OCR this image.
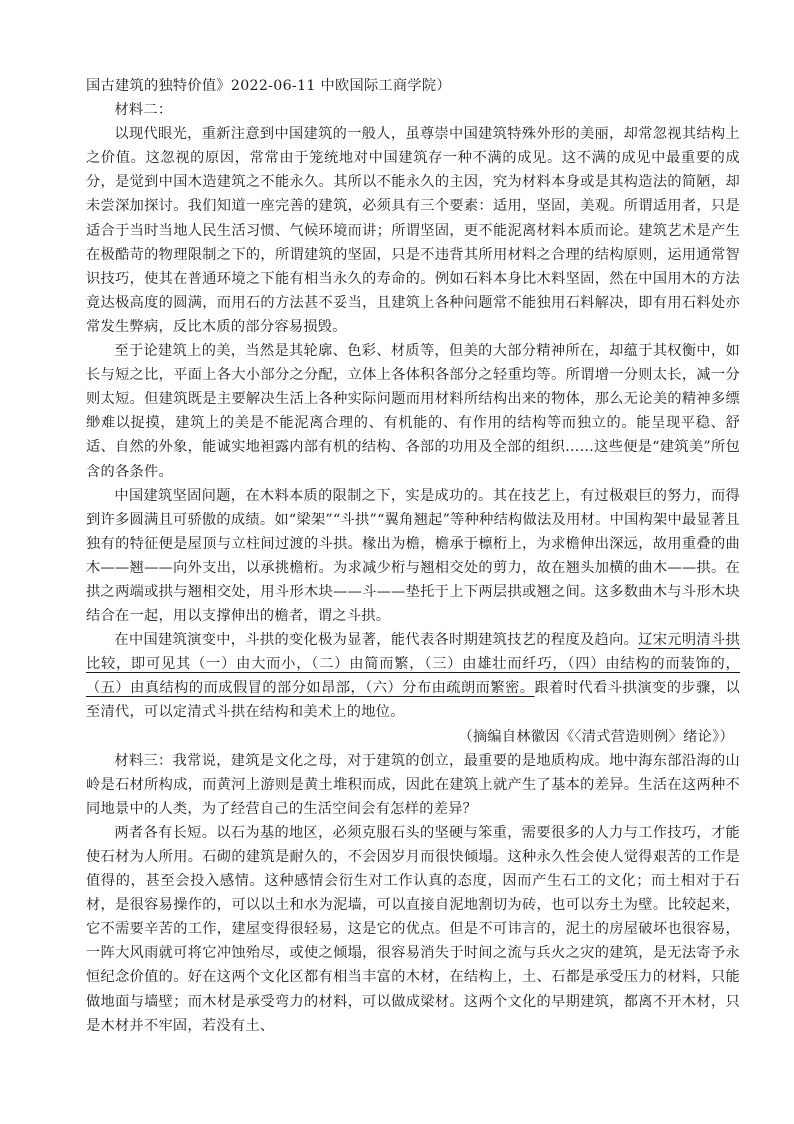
国古建筑的独特价值》2022-06-11 中欧国际工商学院）

材料二：

以现代眼光，重新注意到中国建筑的一般人，虽尊崇中国建筑特殊外形的美丽，却常忽视其结构上之价值。这忽视的原因，常常由于笼统地对中国建筑存一种不满的成见。这不满的成见中最重要的成分，是觉到中国木造建筑之不能永久。其所以不能永久的主因，究为材料本身或是其构造法的简陋，却未尝深加探讨。我们知道一座完善的建筑，必须具有三个要素：适用，坚固，美观。所谓适用者，只是适合于当时当地人民生活习惯、气候环境而讲；所谓坚固，更不能泥离材料本质而论。建筑艺术是产生在极酷苛的物理限制之下的，所谓建筑的坚固，只是不违背其所用材料之合理的结构原则，运用通常智识技巧，使其在普通环境之下能有相当永久的寿命的。例如石料本身比木料坚固，然在中国用木的方法竟达极高度的圆满，而用石的方法甚不妥当，且建筑上各种问题常不能独用石料解决，即有用石料处亦常发生弊病，反比木质的部分容易损毁。

至于论建筑上的美，当然是其轮廓、色彩、材质等，但美的大部分精神所在，却蕴于其权衡中，如长与短之比，平面上各大小部分之分配，立体上各体积各部分之轻重均等。所谓增一分则太长，减一分则太短。但建筑既是主要解决生活上各种实际问题而用材料所结构出来的物体，那么无论美的精神多缥缈难以捉摸，建筑上的美是不能泥离合理的、有机能的、有作用的结构等而独立的。能呈现平稳、舒适、自然的外象，能诚实地袒露内部有机的结构、各部的功用及全部的组织……这些便是“建筑美”所包含的各条件。

中国建筑坚固问题，在木料本质的限制之下，实是成功的。其在技艺上，有过极艰巨的努力，而得到许多圆满且可骄傲的成绩。如“梁架”“斗拱”“翼角翘起”等种种结构做法及用材。中国构架中最显著且独有的特征便是屋顶与立柱间过渡的斗拱。椽出为檐，檐承于檩桁上，为求檐伸出深远，故用重叠的曲木——翘——向外支出，以承挑檐桁。为求减少桁与翘相交处的剪力，故在翘头加横的曲木——拱。在拱之两端或拱与翘相交处，用斗形木块——斗——垫托于上下两层拱或翘之间。这多数曲木与斗形木块结合在一起，用以支撑伸出的檐者，谓之斗拱。

在中国建筑演变中，斗拱的变化极为显著，能代表各时期建筑技艺的程度及趋向。辽宋元明清斗拱比较，即可见其（一）由大而小，（二）由简而繁，（三）由雄壮而纤巧，（四）由结构的而装饰的，（五）由真结构的而成假冒的部分如昂部，（六）分布由疏朗而繁密。跟着时代看斗拱演变的步骤，以至清代，可以定清式斗拱在结构和美术上的地位。

（摘编自林徽因《〈清式营造则例〉绪论》）

材料三：我常说，建筑是文化之母，对于建筑的创立，最重要的是地质构成。地中海东部沿海的山岭是石材所构成，而黄河上游则是黄土堆积而成，因此在建筑上就产生了基本的差异。生活在这两种不同地景中的人类，为了经营自己的生活空间会有怎样的差异？

两者各有长短。以石为基的地区，必须克服石头的坚硬与笨重，需要很多的人力与工作技巧，才能使石材为人所用。石砌的建筑是耐久的，不会因岁月而很快倾塌。这种永久性会使人觉得艰苦的工作是值得的，甚至会投入感情。这种感情会衍生对工作认真的态度，因而产生石工的文化；而土相对于石材，是很容易操作的，可以以土和水为泥墙，可以直接自泥地割切为砖，也可以夯土为壁。比较起来，它不需要辛苦的工作，建屋变得很轻易，这是它的优点。但是不可讳言的，泥土的房屋破坏也很容易，一阵大风雨就可将它冲蚀殆尽，或使之倾塌，很容易消失于时间之流与兵火之灾的建筑，是无法寄予永恒纪念价值的。好在这两个文化区都有相当丰富的木材，在结构上，土、石都是承受压力的材料，只能做地面与墙壁；而木材是承受弯力的材料，可以做成梁材。这两个文化的早期建筑，都离不开木材，只是木材并不牢固，若没有土、
